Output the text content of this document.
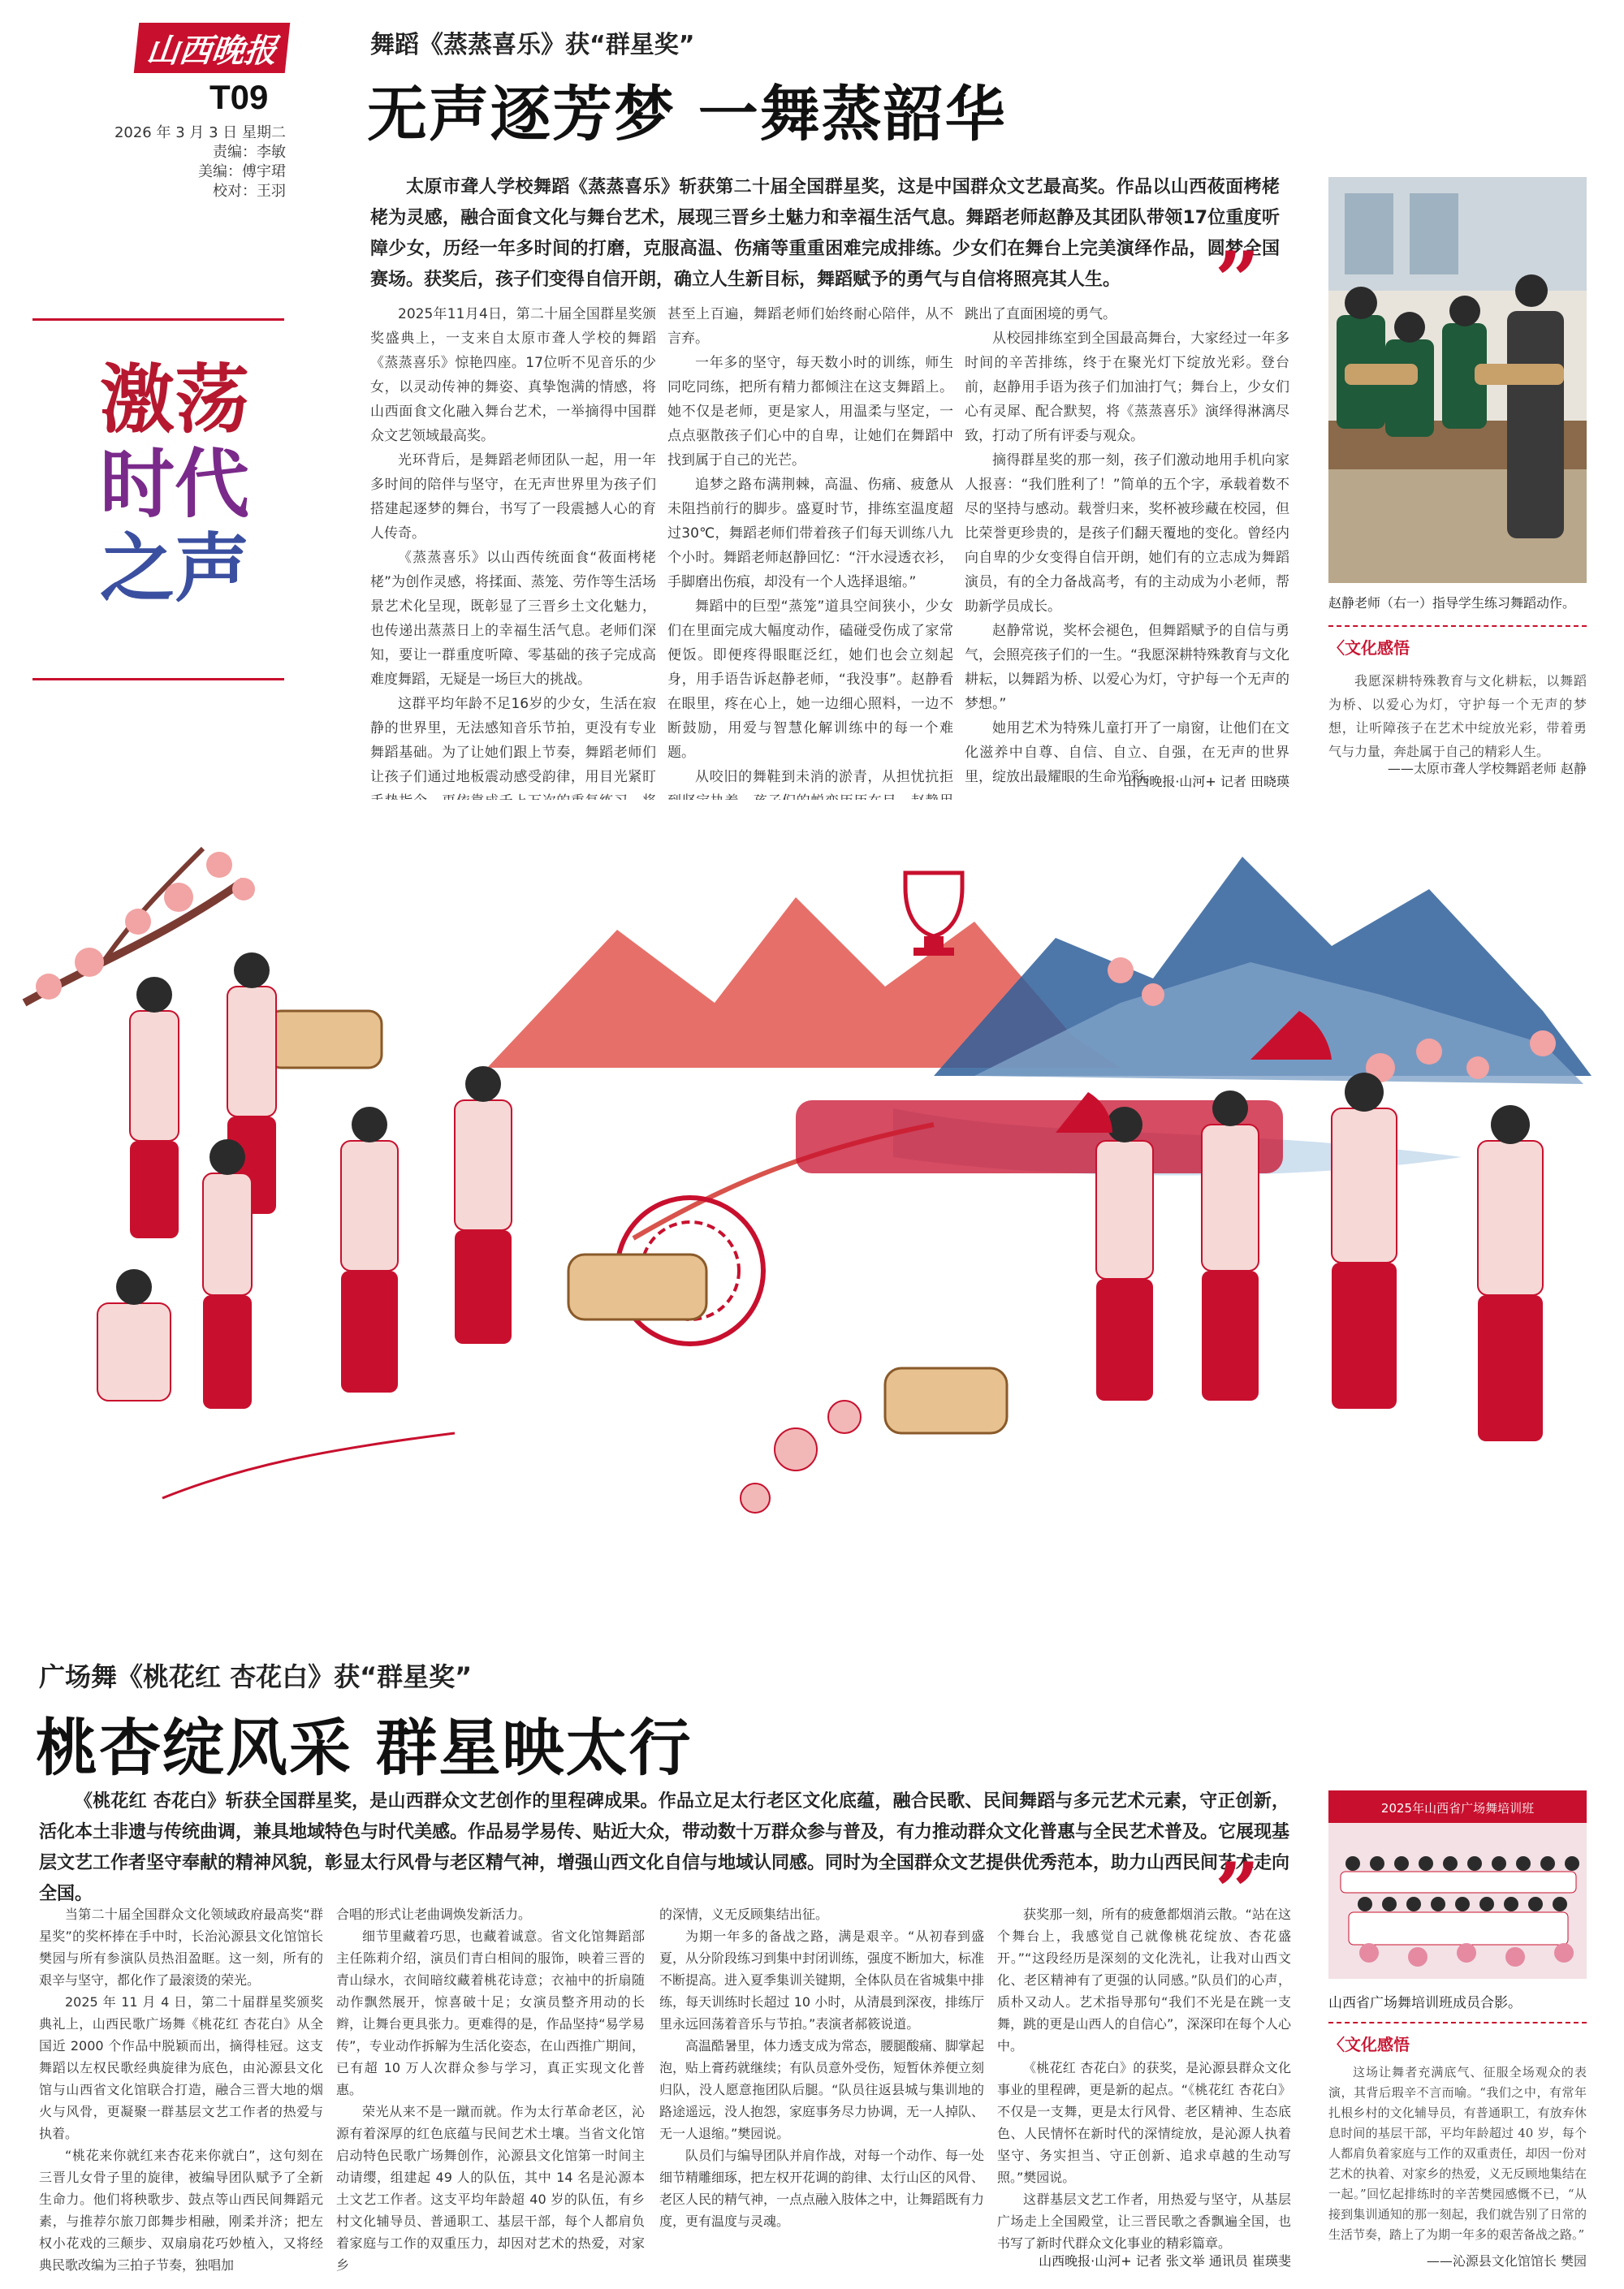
山西晚报
T09
2026 年 3 月 3 日 星期二
责编：李敏
美编：傅宇珺
校对：王羽
激荡
时代
之声
舞蹈《蒸蒸喜乐》获“群星奖”
无声逐芳梦 一舞蒸韶华
太原市聋人学校舞蹈《蒸蒸喜乐》斩获第二十届全国群星奖，这是中国群众文艺最高奖。作品以山西莜面栲栳栳为灵感，融合面食文化与舞台艺术，展现三晋乡土魅力和幸福生活气息。舞蹈老师赵静及其团队带领17位重度听障少女，历经一年多时间的打磨，克服高温、伤痛等重重困难完成排练。少女们在舞台上完美演绎作品，圆梦全国赛场。获奖后，孩子们变得自信开朗，确立人生新目标，舞蹈赋予的勇气与自信将照亮其人生。	”

2025年11月4日，第二十届全国群星奖颁奖盛典上，一支来自太原市聋人学校的舞蹈《蒸蒸喜乐》惊艳四座。17位听不见音乐的少女，以灵动传神的舞姿、真挚饱满的情感，将山西面食文化融入舞台艺术，一举摘得中国群众文艺领域最高奖。

光环背后，是舞蹈老师团队一起，用一年多时间的陪伴与坚守，在无声世界里为孩子们搭建起逐梦的舞台，书写了一段震撼人心的育人传奇。

《蒸蒸喜乐》以山西传统面食“莜面栲栳栳”为创作灵感，将揉面、蒸笼、劳作等生活场景艺术化呈现，既彰显了三晋乡土文化魅力，也传递出蒸蒸日上的幸福生活气息。老师们深知，要让一群重度听障、零基础的孩子完成高难度舞蹈，无疑是一场巨大的挑战。

这群平均年龄不足16岁的少女，生活在寂静的世界里，无法感知音乐节拍，更没有专业舞蹈基础。为了让她们跟上节奏，舞蹈老师们让孩子们通过地板震动感受韵律，用目光紧盯

甚至上百遍，舞蹈老师们始终耐心陪伴，从不言弃。

一年多的坚守，每天数小时的训练，师生同吃同练，把所有精力都倾注在这支舞蹈上。她不仅是老师，更是家人，用温柔与坚定，一点点驱散孩子们心中的自卑，让她们在舞蹈中找到属于自己的光芒。

追梦之路布满荆棘，高温、伤痛、疲惫从未阻挡前行的脚步。盛夏时节，排练室温度超过30℃，舞蹈老师们带着孩子们每天训练八九个小时。舞蹈老师赵静回忆：“汗水浸透衣衫，手脚磨出伤痕，却没有一个人选择退缩。”

舞蹈中的巨型“蒸笼”道具空间狭小，少女们在里面完成大幅度动作，磕碰受伤成了家常便饭。即便疼得眼眶泛红，她们也会立刻起身，用手语告诉赵静老师，“我没事”。赵静看在眼里，疼在心上，她一边细心照料，一边不断鼓励，用爱与智慧化解训练中的每一个难题。

从咬旧的舞鞋到未消的淤青，从担忧抗拒

跳出了直面困境的勇气。

从校园排练室到全国最高舞台，大家经过一年多时间的辛苦排练，终于在聚光灯下绽放光彩。登台前，赵静用手语为孩子们加油打气；舞台上，少女们心有灵犀、配合默契，将《蒸蒸喜乐》演绎得淋漓尽致，打动了所有评委与观众。

摘得群星奖的那一刻，孩子们激动地用手机向家人报喜：“我们胜利了！”简单的五个字，承载着数不尽的坚持与感动。载誉归来，奖杯被珍藏在校园，但比荣誉更珍贵的，是孩子们翻天覆地的变化。曾经内向自卑的少女变得自信开朗，她们有的立志成为舞蹈演员，有的全力备战高考，有的主动成为小老师，帮助新学员成长。

赵静常说，奖杯会褪色，但舞蹈赋予的自信与勇气，会照亮孩子们的一生。“我愿深耕特殊教育与文化耕耘，以舞蹈为桥、以爱心为灯，守护每一个无声的梦想。”

她用艺术为特殊儿童打开了一扇窗，让他们在文化滋养中自尊、自信、自立、自强，在无声的世界里，绽放出最耀眼的生命光彩。

山西晚报·山河+ 记者 田晓瑛
赵静老师（右一）指导学生练习舞蹈动作。
〈文化感悟
我愿深耕特殊教育与文化耕耘，以舞蹈为桥、以爱心为灯，守护每一个无声的梦想，让听障孩子在艺术中绽放光彩，带着勇气与力量，奔赴属于自己的精彩人生。
——太原市聋人学校舞蹈老师 赵静
广场舞《桃花红 杏花白》获“群星奖”
桃杏绽风采 群星映太行
《桃花红 杏花白》斩获全国群星奖，是山西群众文艺创作的里程碑成果。作品立足太行老区文化底蕴，融合民歌、民间舞蹈与多元艺术元素，守正创新，活化本土非遗与传统曲调，兼具地域特色与时代美感。作品易学易传、贴近大众，带动数十万群众参与普及，有力推动群众文化普惠与全民艺术普及。它展现基层文艺工作者坚守奉献的精神风貌，彰显太行风骨与老区精气神，增强山西文化自信与地域认同感。同时为全国群众文艺提供优秀范本，助力山西民间艺术走向全国。	”

当第二十届全国群众文化领域政府最高奖“群星奖”的奖杯捧在手中时，长治沁源县文化馆馆长樊园与所有参演队员热泪盈眶。这一刻，所有的艰辛与坚守，都化作了最滚烫的荣光。

2025 年 11 月 4 日，第二十届群星奖颁奖典礼上，山西民歌广场舞《桃花红 杏花白》从全国近 2000 个作品中脱颖而出，摘得桂冠。这支舞蹈以左权民歌经典旋律为底色，由沁源县文化馆与山西省文化馆联合打造，融合三晋大地的烟火与风骨，更凝聚一群基层文艺工作者的热爱与执着。

“桃花来你就红来杏花来你就白”，这句刻在三晋儿女骨子里的旋律，被编导团队赋予了全新生命力。他们将秧歌步、鼓点等山西民间舞蹈元素，与推荐尔旅刀郎舞步相融，刚柔并济；把左权小花戏的三颠步、双扇扇花巧妙植入，又将经典民歌改编为三拍子节奏，独唱加

合唱的形式让老曲调焕发新活力。

细节里藏着巧思，也藏着诚意。省文化馆舞蹈部主任陈莉介绍，演员们青白相间的服饰，映着三晋的青山绿水，衣间暗纹藏着桃花诗意；衣袖中的折扇随动作飘然展开，惊喜破十足；女演员整齐用动的长辫，让舞台更具张力。更难得的是，作品坚持“易学易传”，专业动作拆解为生活化姿态，在山西推广期间，已有超 10 万人次群众参与学习，真正实现文化普惠。

荣光从来不是一蹴而就。作为太行革命老区，沁源有着深厚的红色底蕴与民间艺术土壤。当省文化馆启动特色民歌广场舞创作，沁源县文化馆第一时间主动请缨，组建起 49 人的队伍，其中 14 名是沁源本土文艺工作者。这支平均年龄超 40 岁的队伍，有乡村文化辅导员、普通职工、基层干部，每个人都肩负着家庭与工作的双重压力，却因对艺术的热爱，对家乡

的深情，义无反顾集结出征。

为期一年多的备战之路，满是艰辛。“从初春到盛夏，从分阶段练习到集中封闭训练，强度不断加大，标准不断提高。进入夏季集训关键期，全体队员在省城集中排练，每天训练时长超过 10 小时，从清晨到深夜，排练厅里永远回荡着音乐与节拍。”表演者郝筱说道。

高温酷暑里，体力透支成为常态，腰腿酸痛、脚掌起泡，贴上膏药就继续；有队员意外受伤，短暂休养便立刻归队，没人愿意拖团队后腿。“队员往返县城与集训地的路途遥远，没人抱怨，家庭事务尽力协调，无一人掉队、无一人退缩。”樊园说。

队员们与编导团队并肩作战，对每一个动作、每一处细节精雕细琢，把左权开花调的韵律、太行山区的风骨、老区人民的精气神，一点点融入肢体之中，让舞蹈既有力度，更有温度与灵魂。

获奖那一刻，所有的疲惫都烟消云散。“站在这个舞台上，我感觉自己就像桃花绽放、杏花盛开。”“这段经历是深刻的文化洗礼，让我对山西文化、老区精神有了更强的认同感。”队员们的心声，质朴又动人。艺术指导那句“我们不光是在跳一支舞，跳的更是山西人的自信心”，深深印在每个人心中。

《桃花红 杏花白》的获奖，是沁源县群众文化事业的里程碑，更是新的起点。“《桃花红 杏花白》不仅是一支舞，更是太行风骨、老区精神、生态底色、人民情怀在新时代的深情绽放，是沁源人执着坚守、务实担当、守正创新、追求卓越的生动写照。”樊园说。

这群基层文艺工作者，用热爱与坚守，从基层广场走上全国殿堂，让三晋民歌之香飘遍全国，也书写了新时代群众文化事业的精彩篇章。

山西晚报·山河+ 记者 张文举 通讯员 崔瑛斐
2025年山西省广场舞培训班
山西省广场舞培训班成员合影。
〈文化感悟
这场让舞者充满底气、征服全场观众的表演，其背后瑕辛不言而喻。“我们之中，有常年扎根乡村的文化辅导员，有普通职工，有放弃休息时间的基层干部，平均年龄超过 40 岁，每个人都肩负着家庭与工作的双重责任，却因一份对艺术的执着、对家乡的热爱，义无反顾地集结在一起。”回忆起排练时的辛苦樊园感慨不已，“从接到集训通知的那一刻起，我们就告别了日常的生活节奏，踏上了为期一年多的艰苦备战之路。”
——沁源县文化馆馆长 樊园
